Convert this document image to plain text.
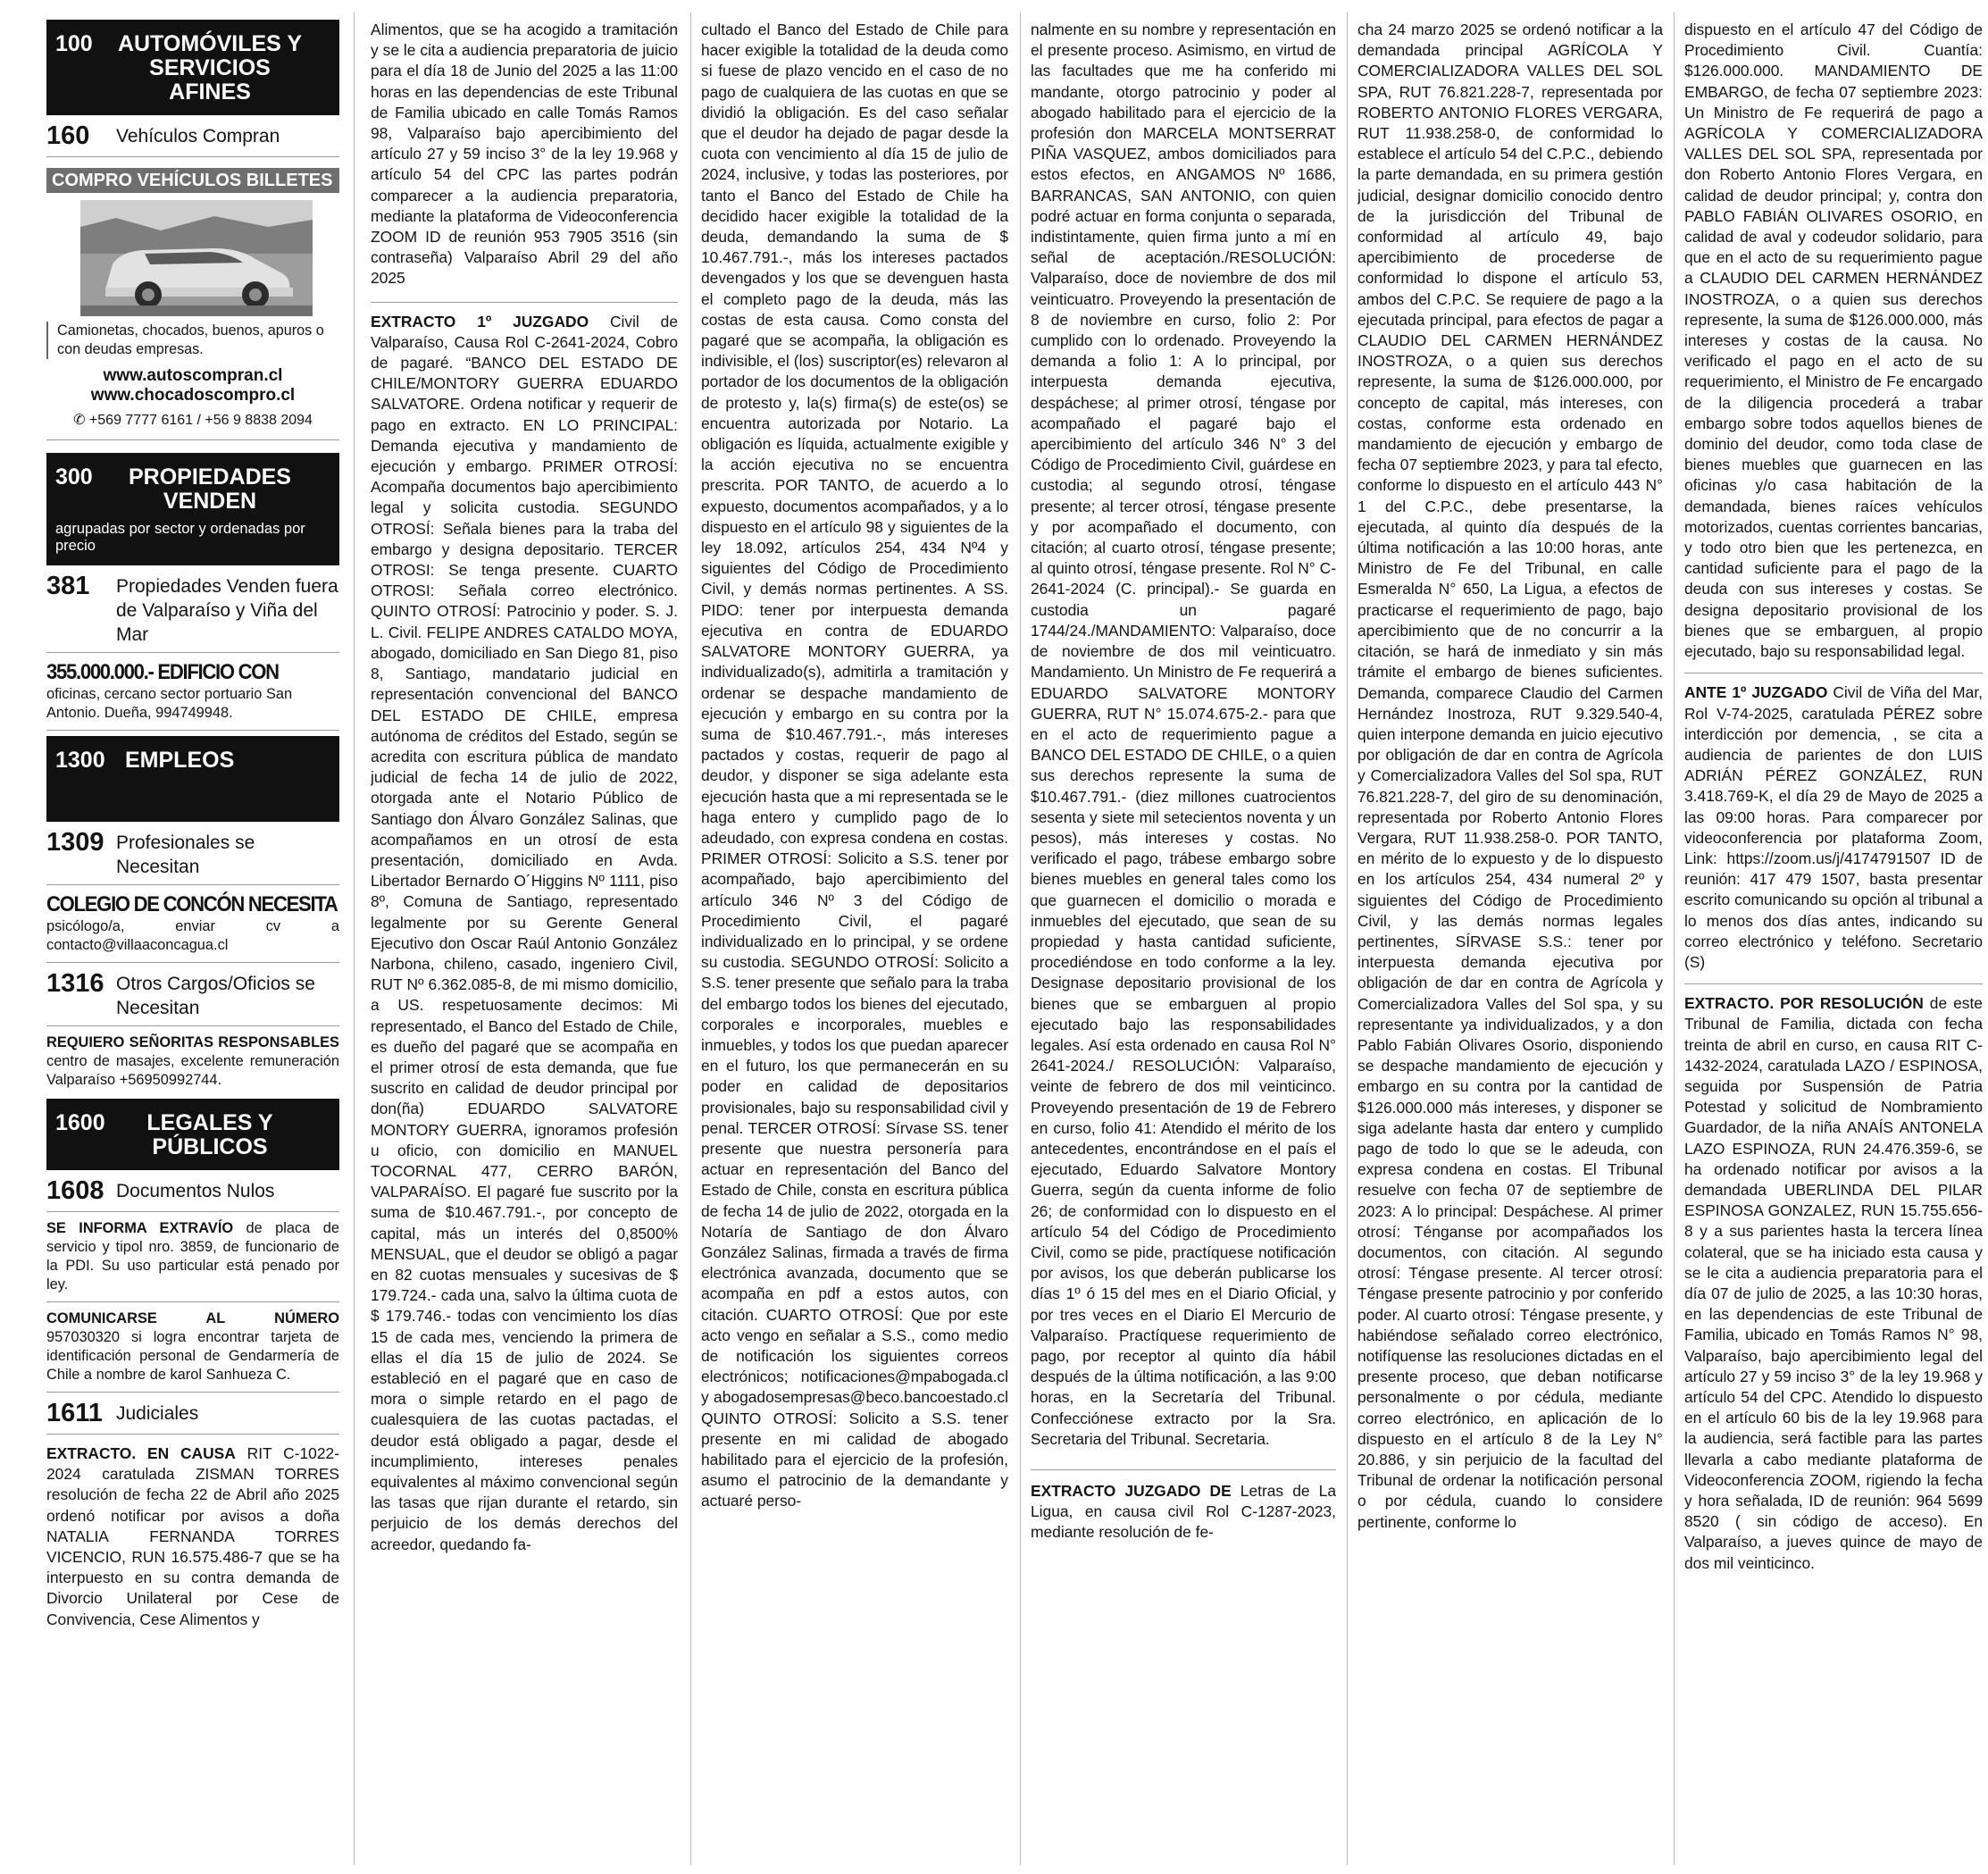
100	AUTOMÓVILES Y SERVICIOS AFINES
160	Vehículos Compran
COMPRO VEHÍCULOS BILLETES
Camionetas, chocados, buenos, apuros o con deudas empresas.
www.autoscompran.cl
www.chocadoscompro.cl
✆ +569 7777 6161 / +56 9 8838 2094
300	PROPIEDADES VENDEN
agrupadas por sector y ordenadas por precio
381	Propiedades Venden fuera de Valparaíso y Viña del Mar
355.000.000.- EDIFICIO CON
oficinas, cercano sector portuario San Antonio. Dueña, 994749948.
1300 EMPLEOS
1309 Profesionales se Necesitan
COLEGIO DE CONCÓN NECESITA
psicólogo/a, enviar cv a contacto@villaaconcagua.cl
1316 Otros Cargos/Oficios se Necesitan
REQUIERO SEÑORITAS RESPONSABLES centro de masajes, excelente remuneración Valparaíso +56950992744.
1600	LEGALES Y PÚBLICOS
1608 Documentos Nulos
SE INFORMA EXTRAVÍO de placa de servicio y tipol nro. 3859, de funcionario de la PDI. Su uso particular está penado por ley.
COMUNICARSE AL NÚMERO
957030320 si logra encontrar tarjeta de identificación personal de Gendarmería de Chile a nombre de karol Sanhueza C.
1611 Judiciales

EXTRACTO. EN CAUSA RIT C-1022-2024 caratulada ZISMAN TORRES resolución de fecha 22 de Abril año 2025 ordenó notificar por avisos a doña NATALIA FERNANDA TORRES VICENCIO, RUN 16.575.486-7 que se ha interpuesto en su contra demanda de Divorcio Unilateral por Cese de Convivencia, Cese Alimentos y

Alimentos, que se ha acogido a tramitación y se le cita a audiencia preparatoria de juicio para el día 18 de Junio del 2025 a las 11:00 horas en las dependencias de este Tribunal de Familia ubicado en calle Tomás Ramos 98, Valparaíso bajo apercibimiento del artículo 27 y 59 inciso 3° de la ley 19.968 y artículo 54 del CPC las partes podrán comparecer a la audiencia preparatoria, mediante la plataforma de Videoconferencia ZOOM ID de reunión 953 7905 3516 (sin contraseña) Valparaíso Abril 29 del año 2025

EXTRACTO 1º JUZGADO Civil de Valparaíso, Causa Rol C-2641-2024, Cobro de pagaré. “BANCO DEL ESTADO DE CHILE/MONTORY GUERRA EDUARDO SALVATORE. Ordena notificar y requerir de pago en extracto. EN LO PRINCIPAL: Demanda ejecutiva y mandamiento de ejecución y embargo. PRIMER OTROSÍ: Acompaña documentos bajo apercibimiento legal y solicita custodia. SEGUNDO OTROSÍ: Señala bienes para la traba del embargo y designa depositario. TERCER OTROSI: Se tenga presente. CUARTO OTROSI: Señala correo electrónico. QUINTO OTROSÍ: Patrocinio y poder. S. J. L. Civil. FELIPE ANDRES CATALDO MOYA, abogado, domiciliado en San Diego 81, piso 8, Santiago, mandatario judicial en representación convencional del BANCO DEL ESTADO DE CHILE, empresa autónoma de créditos del Estado, según se acredita con escritura pública de mandato judicial de fecha 14 de julio de 2022, otorgada ante el Notario Público de Santiago don Álvaro González Salinas, que acompañamos en un otrosí de esta presentación, domiciliado en Avda. Libertador Bernardo O´Higgins Nº 1111, piso 8º, Comuna de Santiago, representado legalmente por su Gerente General Ejecutivo don Oscar Raúl Antonio González Narbona, chileno, casado, ingeniero Civil, RUT Nº 6.362.085-8, de mi mismo domicilio, a US. respetuosamente decimos: Mi representado, el Banco del Estado de Chile, es dueño del pagaré que se acompaña en el primer otrosí de esta demanda, que fue suscrito en calidad de deudor principal por don(ña) EDUARDO SALVATORE MONTORY GUERRA, ignoramos profesión u oficio, con domicilio en MANUEL TOCORNAL 477, CERRO BARÓN, VALPARAÍSO. El pagaré fue suscrito por la suma de $10.467.791.-, por concepto de capital, más un interés del 0,8500% MENSUAL, que el deudor se obligó a pagar en 82 cuotas mensuales y sucesivas de $ 179.724.- cada una, salvo la última cuota de $ 179.746.- todas con vencimiento los días 15 de cada mes, venciendo la primera de ellas el día 15 de julio de 2024. Se estableció en el pagaré que en caso de mora o simple retardo en el pago de cualesquiera de las cuotas pactadas, el deudor está obligado a pagar, desde el incumplimiento, intereses penales equivalentes al máximo convencional según las tasas que rijan durante el retardo, sin perjuicio de los demás derechos del acreedor, quedando fa-

cultado el Banco del Estado de Chile para hacer exigible la totalidad de la deuda como si fuese de plazo vencido en el caso de no pago de cualquiera de las cuotas en que se dividió la obligación. Es del caso señalar que el deudor ha dejado de pagar desde la cuota con vencimiento al día 15 de julio de 2024, inclusive, y todas las posteriores, por tanto el Banco del Estado de Chile ha decidido hacer exigible la totalidad de la deuda, demandando la suma de $ 10.467.791.-, más los intereses pactados devengados y los que se devenguen hasta el completo pago de la deuda, más las costas de esta causa. Como consta del pagaré que se acompaña, la obligación es indivisible, el (los) suscriptor(es) relevaron al portador de los documentos de la obligación de protesto y, la(s) firma(s) de este(os) se encuentra autorizada por Notario. La obligación es líquida, actualmente exigible y la acción ejecutiva no se encuentra prescrita. POR TANTO, de acuerdo a lo expuesto, documentos acompañados, y a lo dispuesto en el artículo 98 y siguientes de la ley 18.092, artículos 254, 434 Nº4 y siguientes del Código de Procedimiento Civil, y demás normas pertinentes. A SS. PIDO: tener por interpuesta demanda ejecutiva en contra de EDUARDO SALVATORE MONTORY GUERRA, ya individualizado(s), admitirla a tramitación y ordenar se despache mandamiento de ejecución y embargo en su contra por la suma de $10.467.791.-, más intereses pactados y costas, requerir de pago al deudor, y disponer se siga adelante esta ejecución hasta que a mi representada se le haga entero y cumplido pago de lo adeudado, con expresa condena en costas. PRIMER OTROSÍ: Solicito a S.S. tener por acompañado, bajo apercibimiento del artículo 346 Nº 3 del Código de Procedimiento Civil, el pagaré individualizado en lo principal, y se ordene su custodia. SEGUNDO OTROSÍ: Solicito a S.S. tener presente que señalo para la traba del embargo todos los bienes del ejecutado, corporales e incorporales, muebles e inmuebles, y todos los que puedan aparecer en el futuro, los que permanecerán en su poder en calidad de depositarios provisionales, bajo su responsabilidad civil y penal. TERCER OTROSÍ: Sírvase SS. tener presente que nuestra personería para actuar en representación del Banco del Estado de Chile, consta en escritura pública de fecha 14 de julio de 2022, otorgada en la Notaría de Santiago de don Álvaro González Salinas, firmada a través de firma electrónica avanzada, documento que se acompaña en pdf a estos autos, con citación. CUARTO OTROSÍ: Que por este acto vengo en señalar a S.S., como medio de notificación los siguientes correos electrónicos; notificaciones@mpabogada.cl y abogadosempresas@beco.bancoestado.cl QUINTO OTROSÍ: Solicito a S.S. tener presente en mi calidad de abogado habilitado para el ejercicio de la profesión, asumo el patrocinio de la demandante y actuaré perso-

nalmente en su nombre y representación en el presente proceso. Asimismo, en virtud de las facultades que me ha conferido mi mandante, otorgo patrocinio y poder al abogado habilitado para el ejercicio de la profesión don MARCELA MONTSERRAT PIÑA VASQUEZ, ambos domiciliados para estos efectos, en ANGAMOS Nº 1686, BARRANCAS, SAN ANTONIO, con quien podré actuar en forma conjunta o separada, indistintamente, quien firma junto a mí en señal de aceptación./RESOLUCIÓN: Valparaíso, doce de noviembre de dos mil veinticuatro. Proveyendo la presentación de 8 de noviembre en curso, folio 2: Por cumplido con lo ordenado. Proveyendo la demanda a folio 1: A lo principal, por interpuesta demanda ejecutiva, despáchese; al primer otrosí, téngase por acompañado el pagaré bajo el apercibimiento del artículo 346 N° 3 del Código de Procedimiento Civil, guárdese en custodia; al segundo otrosí, téngase presente; al tercer otrosí, téngase presente y por acompañado el documento, con citación; al cuarto otrosí, téngase presente; al quinto otrosí, téngase presente. Rol N° C-2641-2024 (C. principal).- Se guarda en custodia un pagaré 1744/24./MANDAMIENTO: Valparaíso, doce de noviembre de dos mil veinticuatro. Mandamiento. Un Ministro de Fe requerirá a EDUARDO SALVATORE MONTORY GUERRA, RUT N° 15.074.675-2.- para que en el acto de requerimiento pague a BANCO DEL ESTADO DE CHILE, o a quien sus derechos represente la suma de $10.467.791.- (diez millones cuatrocientos sesenta y siete mil setecientos noventa y un pesos), más intereses y costas. No verificado el pago, trábese embargo sobre bienes muebles en general tales como los que guarnecen el domicilio o morada e inmuebles del ejecutado, que sean de su propiedad y hasta cantidad suficiente, procediéndose en todo conforme a la ley. Designase depositario provisional de los bienes que se embarguen al propio ejecutado bajo las responsabilidades legales. Así esta ordenado en causa Rol N° 2641-2024./ RESOLUCIÓN: Valparaíso, veinte de febrero de dos mil veinticinco. Proveyendo presentación de 19 de Febrero en curso, folio 41: Atendido el mérito de los antecedentes, encontrándose en el país el ejecutado, Eduardo Salvatore Montory Guerra, según da cuenta informe de folio 26; de conformidad con lo dispuesto en el artículo 54 del Código de Procedimiento Civil, como se pide, practíquese notificación por avisos, los que deberán publicarse los días 1º ó 15 del mes en el Diario Oficial, y por tres veces en el Diario El Mercurio de Valparaíso. Practíquese requerimiento de pago, por receptor al quinto día hábil después de la última notificación, a las 9:00 horas, en la Secretaría del Tribunal. Confecciónese extracto por la Sra. Secretaria del Tribunal. Secretaria.

EXTRACTO JUZGADO DE Letras de La Ligua, en causa civil Rol C-1287-2023, mediante resolución de fe-

cha 24 marzo 2025 se ordenó notificar a la demandada principal AGRÍCOLA Y COMERCIALIZADORA VALLES DEL SOL SPA, RUT 76.821.228-7, representada por ROBERTO ANTONIO FLORES VERGARA, RUT 11.938.258-0, de conformidad lo establece el artículo 54 del C.P.C., debiendo la parte demandada, en su primera gestión judicial, designar domicilio conocido dentro de la jurisdicción del Tribunal de conformidad al artículo 49, bajo apercibimiento de procederse de conformidad lo dispone el artículo 53, ambos del C.P.C. Se requiere de pago a la ejecutada principal, para efectos de pagar a CLAUDIO DEL CARMEN HERNÁNDEZ INOSTROZA, o a quien sus derechos represente, la suma de $126.000.000, por concepto de capital, más intereses, con costas, conforme esta ordenado en mandamiento de ejecución y embargo de fecha 07 septiembre 2023, y para tal efecto, conforme lo dispuesto en el artículo 443 N° 1 del C.P.C., debe presentarse, la ejecutada, al quinto día después de la última notificación a las 10:00 horas, ante Ministro de Fe del Tribunal, en calle Esmeralda N° 650, La Ligua, a efectos de practicarse el requerimiento de pago, bajo apercibimiento que de no concurrir a la citación, se hará de inmediato y sin más trámite el embargo de bienes suficientes. Demanda, comparece Claudio del Carmen Hernández Inostroza, RUT 9.329.540-4, quien interpone demanda en juicio ejecutivo por obligación de dar en contra de Agrícola y Comercializadora Valles del Sol spa, RUT 76.821.228-7, del giro de su denominación, representada por Roberto Antonio Flores Vergara, RUT 11.938.258-0. POR TANTO, en mérito de lo expuesto y de lo dispuesto en los artículos 254, 434 numeral 2º y siguientes del Código de Procedimiento Civil, y las demás normas legales pertinentes, SÍRVASE S.S.: tener por interpuesta demanda ejecutiva por obligación de dar en contra de Agrícola y Comercializadora Valles del Sol spa, y su representante ya individualizados, y a don Pablo Fabián Olivares Osorio, disponiendo se despache mandamiento de ejecución y embargo en su contra por la cantidad de $126.000.000 más intereses, y disponer se siga adelante hasta dar entero y cumplido pago de todo lo que se le adeuda, con expresa condena en costas. El Tribunal resuelve con fecha 07 de septiembre de 2023: A lo principal: Despáchese. Al primer otrosí: Ténganse por acompañados los documentos, con citación. Al segundo otrosí: Téngase presente. Al tercer otrosí: Téngase presente patrocinio y por conferido poder. Al cuarto otrosí: Téngase presente, y habiéndose señalado correo electrónico, notifíquense las resoluciones dictadas en el presente proceso, que deban notificarse personalmente o por cédula, mediante correo electrónico, en aplicación de lo dispuesto en el artículo 8 de la Ley N° 20.886, y sin perjuicio de la facultad del Tribunal de ordenar la notificación personal o por cédula, cuando lo considere pertinente, conforme lo

dispuesto en el artículo 47 del Código de Procedimiento Civil. Cuantía: $126.000.000. MANDAMIENTO DE EMBARGO, de fecha 07 septiembre 2023: Un Ministro de Fe requerirá de pago a AGRÍCOLA Y COMERCIALIZADORA VALLES DEL SOL SPA, representada por don Roberto Antonio Flores Vergara, en calidad de deudor principal; y, contra don PABLO FABIÁN OLIVARES OSORIO, en calidad de aval y codeudor solidario, para que en el acto de su requerimiento pague a CLAUDIO DEL CARMEN HERNÁNDEZ INOSTROZA, o a quien sus derechos represente, la suma de $126.000.000, más intereses y costas de la causa. No verificado el pago en el acto de su requerimiento, el Ministro de Fe encargado de la diligencia procederá a trabar embargo sobre todos aquellos bienes de dominio del deudor, como toda clase de bienes muebles que guarnecen en las oficinas y/o casa habitación de la demandada, bienes raíces vehículos motorizados, cuentas corrientes bancarias, y todo otro bien que les pertenezca, en cantidad suficiente para el pago de la deuda con sus intereses y costas. Se designa depositario provisional de los bienes que se embarguen, al propio ejecutado, bajo su responsabilidad legal.

ANTE 1º JUZGADO Civil de Viña del Mar, Rol V-74-2025, caratulada PÉREZ sobre interdicción por demencia, , se cita a audiencia de parientes de don LUIS ADRIÁN PÉREZ GONZÁLEZ, RUN 3.418.769-K, el día 29 de Mayo de 2025 a las 09:00 horas. Para comparecer por videoconferencia por plataforma Zoom, Link: https://zoom.us/j/4174791507 ID de reunión: 417 479 1507, basta presentar escrito comunicando su opción al tribunal a lo menos dos días antes, indicando su correo electrónico y teléfono. Secretario (S)

EXTRACTO. POR RESOLUCIÓN de este Tribunal de Familia, dictada con fecha treinta de abril en curso, en causa RIT C-1432-2024, caratulada LAZO / ESPINOSA, seguida por Suspensión de Patria Potestad y solicitud de Nombramiento Guardador, de la niña ANAÍS ANTONELA LAZO ESPINOZA, RUN 24.476.359-6, se ha ordenado notificar por avisos a la demandada UBERLINDA DEL PILAR ESPINOSA GONZALEZ, RUN 15.755.656-8 y a sus parientes hasta la tercera línea colateral, que se ha iniciado esta causa y se le cita a audiencia preparatoria para el día 07 de julio de 2025, a las 10:30 horas, en las dependencias de este Tribunal de Familia, ubicado en Tomás Ramos N° 98, Valparaíso, bajo apercibimiento legal del artículo 27 y 59 inciso 3° de la ley 19.968 y artículo 54 del CPC. Atendido lo dispuesto en el artículo 60 bis de la ley 19.968 para la audiencia, será factible para las partes llevarla a cabo mediante plataforma de Videoconferencia ZOOM, rigiendo la fecha y hora señalada, ID de reunión: 964 5699 8520 ( sin código de acceso). En Valparaíso, a jueves quince de mayo de dos mil veinticinco.
